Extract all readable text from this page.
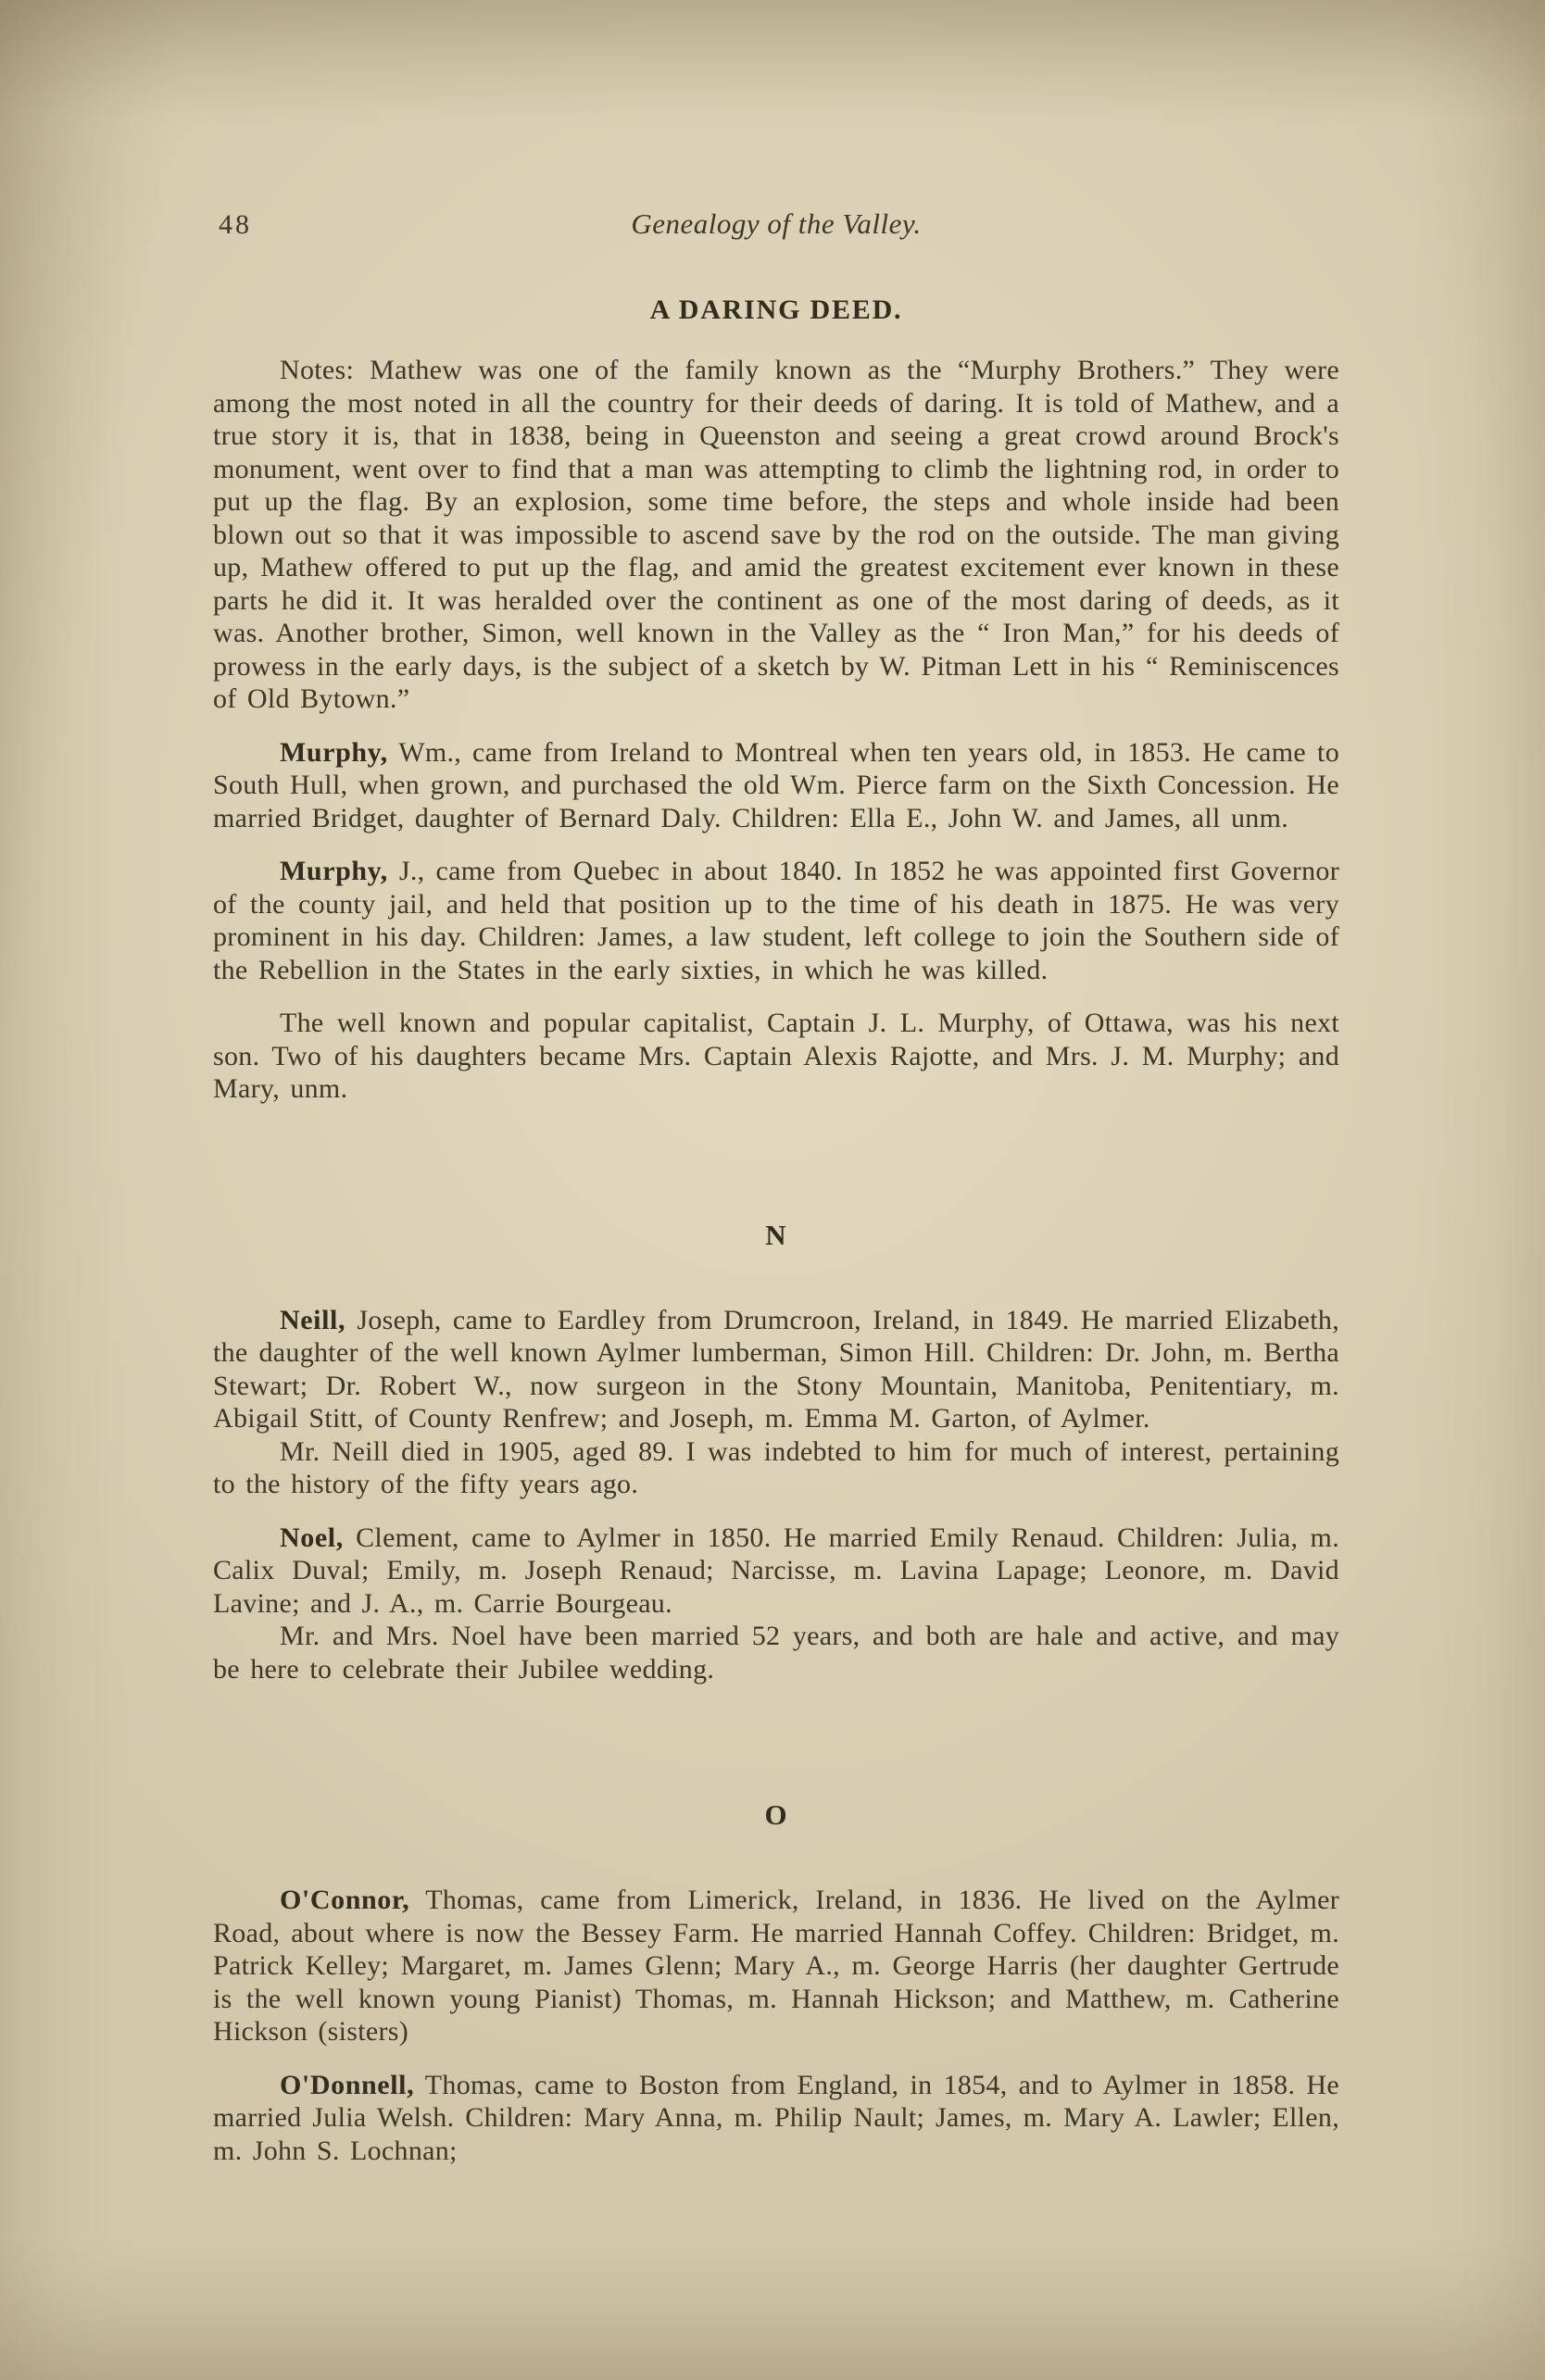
48	Genealogy of the Valley.
A DARING DEED.

Notes: Mathew was one of the family known as the “Murphy Brothers.” They were among the most noted in all the country for their deeds of daring. It is told of Mathew, and a true story it is, that in 1838, being in Queenston and seeing a great crowd around Brock's monument, went over to find that a man was attempting to climb the lightning rod, in order to put up the flag. By an explosion, some time before, the steps and whole inside had been blown out so that it was impossible to ascend save by the rod on the outside. The man giving up, Mathew offered to put up the flag, and amid the greatest excitement ever known in these parts he did it. It was heralded over the continent as one of the most daring of deeds, as it was. Another brother, Simon, well known in the Valley as the “ Iron Man,” for his deeds of prowess in the early days, is the subject of a sketch by W. Pitman Lett in his “ Reminiscences of Old Bytown.”

Murphy, Wm., came from Ireland to Montreal when ten years old, in 1853. He came to South Hull, when grown, and purchased the old Wm. Pierce farm on the Sixth Concession. He married Bridget, daughter of Bernard Daly. Children: Ella E., John W. and James, all unm.

Murphy, J., came from Quebec in about 1840. In 1852 he was appointed first Governor of the county jail, and held that position up to the time of his death in 1875. He was very prominent in his day. Children: James, a law student, left college to join the Southern side of the Rebellion in the States in the early sixties, in which he was killed.

The well known and popular capitalist, Captain J. L. Murphy, of Ottawa, was his next son. Two of his daughters became Mrs. Captain Alexis Rajotte, and Mrs. J. M. Murphy; and Mary, unm.

N

Neill, Joseph, came to Eardley from Drumcroon, Ireland, in 1849. He married Elizabeth, the daughter of the well known Aylmer lumberman, Simon Hill. Children: Dr. John, m. Bertha Stewart; Dr. Robert W., now surgeon in the Stony Mountain, Manitoba, Penitentiary, m. Abigail Stitt, of County Renfrew; and Joseph, m. Emma M. Garton, of Aylmer.

Mr. Neill died in 1905, aged 89. I was indebted to him for much of interest, pertaining to the history of the fifty years ago.

Noel, Clement, came to Aylmer in 1850. He married Emily Renaud. Children: Julia, m. Calix Duval; Emily, m. Joseph Renaud; Narcisse, m. Lavina Lapage; Leonore, m. David Lavine; and J. A., m. Carrie Bourgeau.

Mr. and Mrs. Noel have been married 52 years, and both are hale and active, and may be here to celebrate their Jubilee wedding.

O

O'Connor, Thomas, came from Limerick, Ireland, in 1836. He lived on the Aylmer Road, about where is now the Bessey Farm. He married Hannah Coffey. Children: Bridget, m. Patrick Kelley; Margaret, m. James Glenn; Mary A., m. George Harris (her daughter Gertrude is the well known young Pianist) Thomas, m. Hannah Hickson; and Matthew, m. Catherine Hickson (sisters)

O'Donnell, Thomas, came to Boston from England, in 1854, and to Aylmer in 1858. He married Julia Welsh. Children: Mary Anna, m. Philip Nault; James, m. Mary A. Lawler; Ellen, m. John S. Lochnan;
